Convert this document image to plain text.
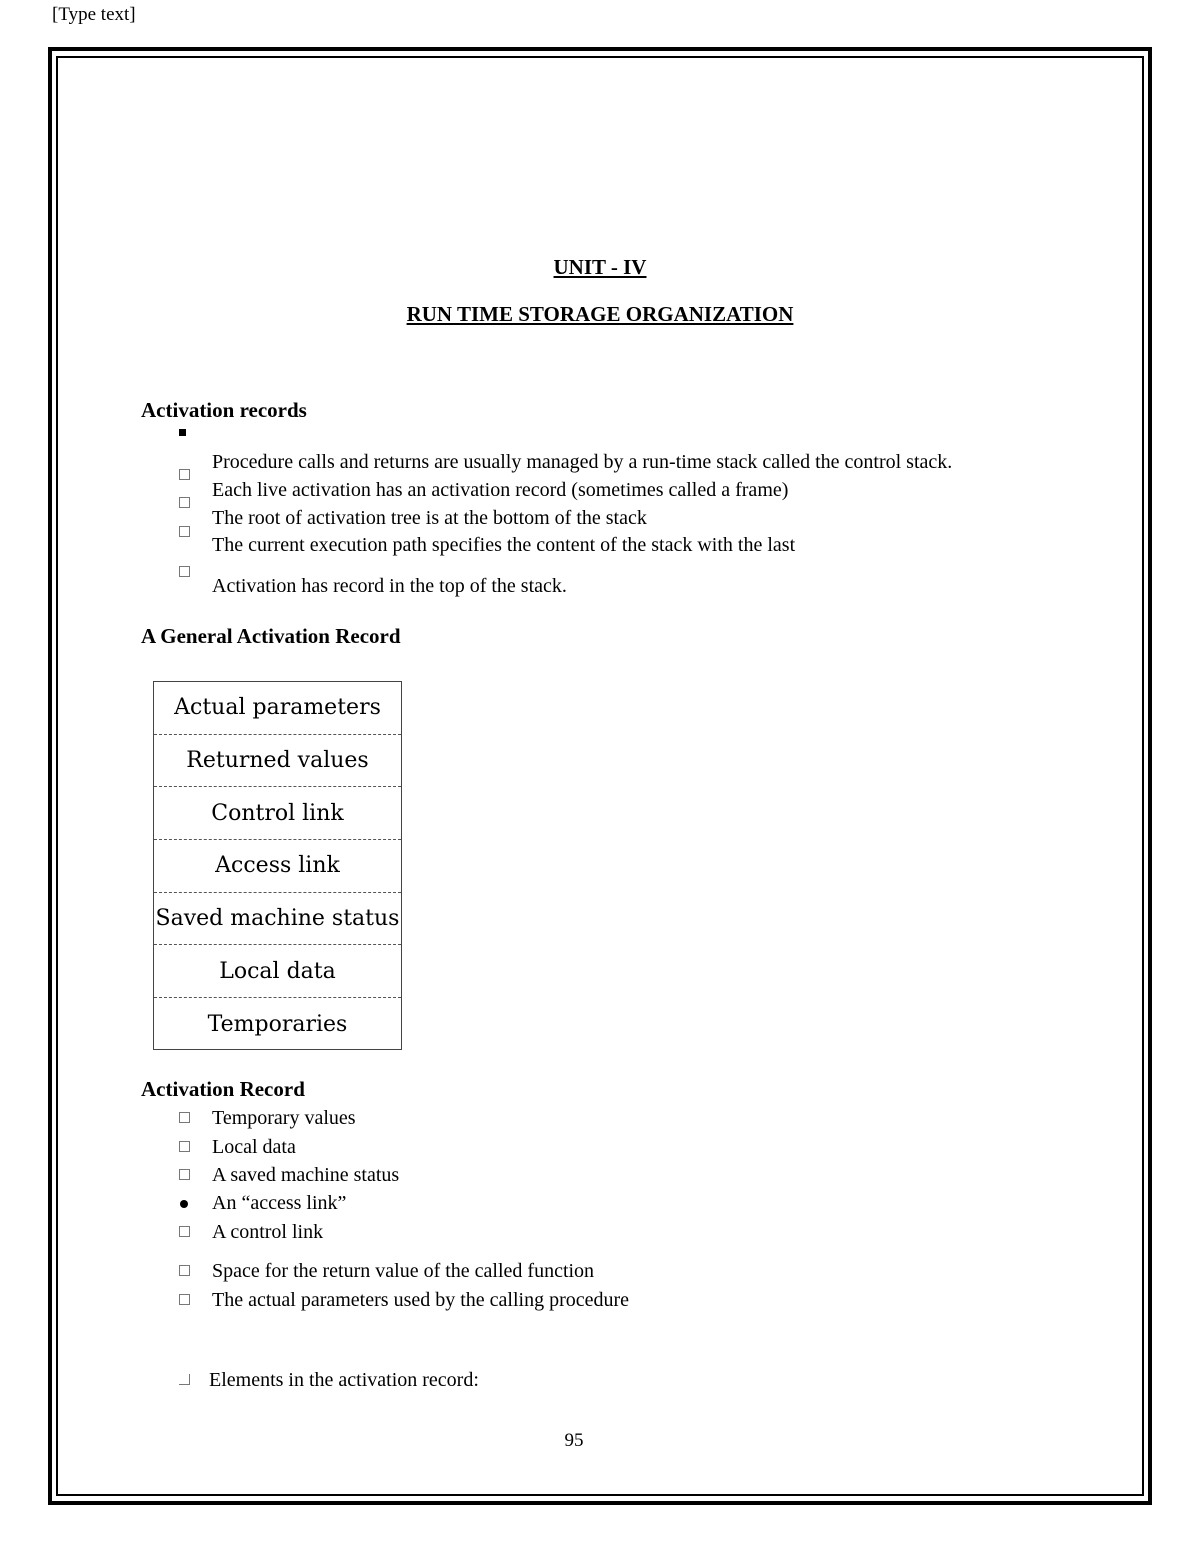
[Type text]
UNIT - IV
RUN TIME STORAGE ORGANIZATION
Activation records
Procedure calls and returns are usually managed by a run-time stack called the control stack.
Each live activation has an activation record (sometimes called a frame)
The root of activation tree is at the bottom of the stack
The current execution path specifies the content of the stack with the last
Activation has record in the top of the stack.
A General Activation Record
Actual parameters
Returned values
Control link
Access link
Saved machine status
Local data
Temporaries
Activation Record
Temporary values
Local data
A saved machine status
An “access link”
A control link
Space for the return value of the called function
The actual parameters used by the calling procedure
Elements in the activation record:
95
